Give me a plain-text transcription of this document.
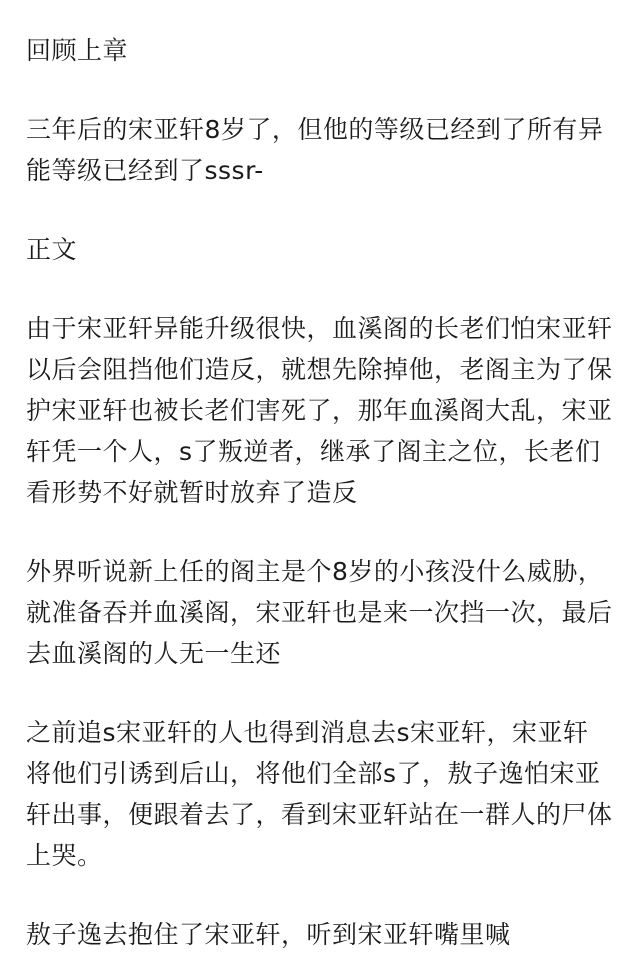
回顾上章

三年后的宋亚轩8岁了，但他的等级已经到了所有异能等级已经到了sssr-

正文

由于宋亚轩异能升级很快，血溪阁的长老们怕宋亚轩以后会阻挡他们造反，就想先除掉他，老阁主为了保护宋亚轩也被长老们害死了，那年血溪阁大乱，宋亚轩凭一个人，s了叛逆者，继承了阁主之位，长老们看形势不好就暂时放弃了造反

外界听说新上任的阁主是个8岁的小孩没什么威胁，就准备吞并血溪阁，宋亚轩也是来一次挡一次，最后去血溪阁的人无一生还

之前追s宋亚轩的人也得到消息去s宋亚轩，宋亚轩将他们引诱到后山，将他们全部s了，敖子逸怕宋亚轩出事，便跟着去了，看到宋亚轩站在一群人的尸体上哭。

敖子逸去抱住了宋亚轩，听到宋亚轩嘴里喊
